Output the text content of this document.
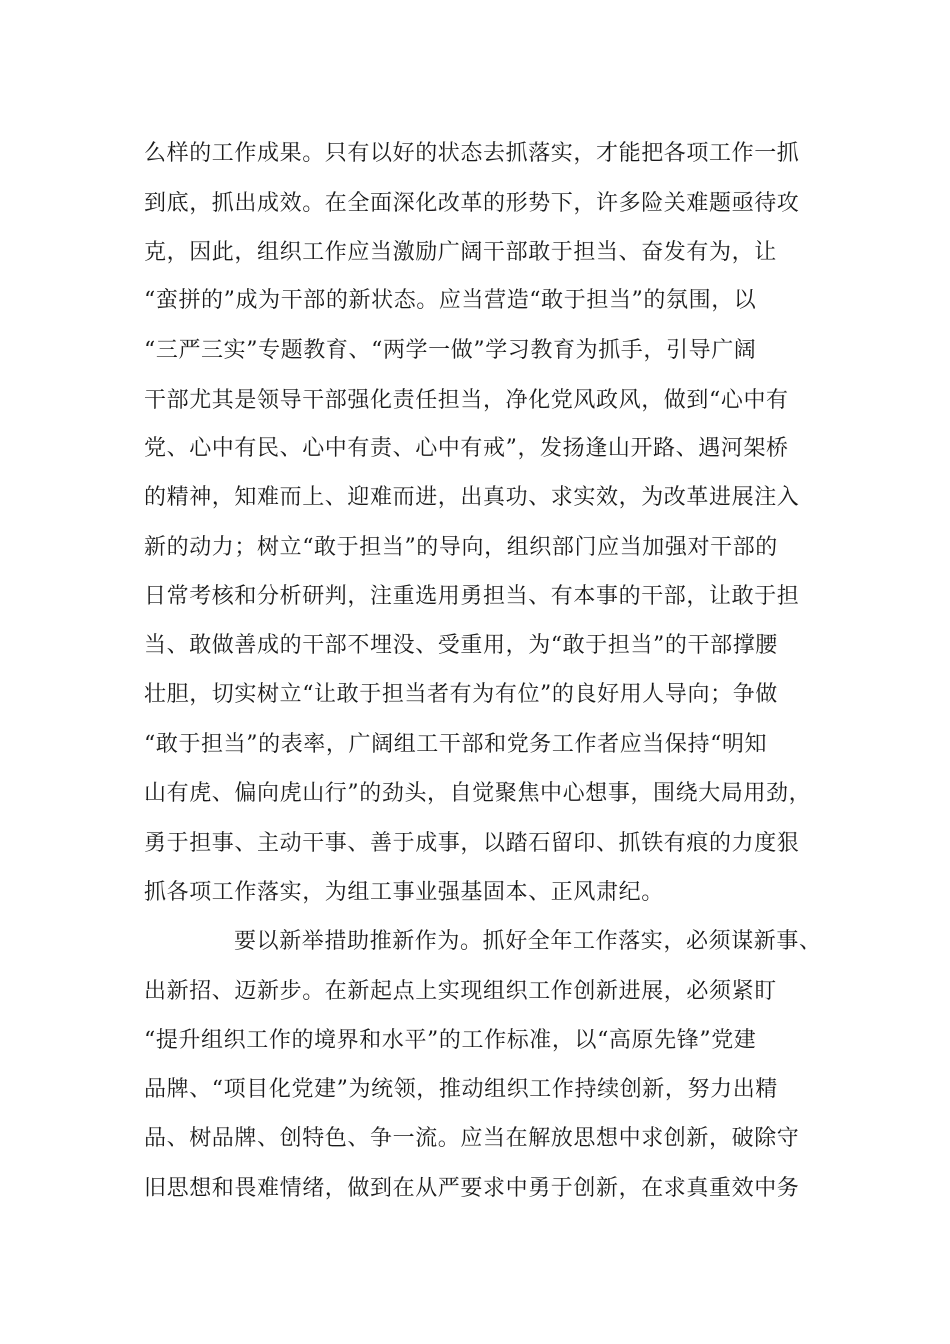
么样的工作成果。只有以好的状态去抓落实，才能把各项工作一抓
到底，抓出成效。在全面深化改革的形势下，许多险关难题亟待攻
克，因此，组织工作应当激励广阔干部敢于担当、奋发有为，让
“蛮拼的”成为干部的新状态。应当营造“敢于担当”的氛围，以
“三严三实”专题教育、“两学一做”学习教育为抓手，引导广阔
干部尤其是领导干部强化责任担当，净化党风政风，做到“心中有
党、心中有民、心中有责、心中有戒”，发扬逢山开路、遇河架桥
的精神，知难而上、迎难而进，出真功、求实效，为改革进展注入
新的动力；树立“敢于担当”的导向，组织部门应当加强对干部的
日常考核和分析研判，注重选用勇担当、有本事的干部，让敢于担
当、敢做善成的干部不埋没、受重用，为“敢于担当”的干部撑腰
壮胆，切实树立“让敢于担当者有为有位”的良好用人导向；争做
“敢于担当”的表率，广阔组工干部和党务工作者应当保持“明知
山有虎、偏向虎山行”的劲头，自觉聚焦中心想事，围绕大局用劲，
勇于担事、主动干事、善于成事，以踏石留印、抓铁有痕的力度狠
抓各项工作落实，为组工事业强基固本、正风肃纪。
要以新举措助推新作为。抓好全年工作落实，必须谋新事、
出新招、迈新步。在新起点上实现组织工作创新进展，必须紧盯
“提升组织工作的境界和水平”的工作标准，以“高原先锋”党建
品牌、“项目化党建”为统领，推动组织工作持续创新，努力出精
品、树品牌、创特色、争一流。应当在解放思想中求创新，破除守
旧思想和畏难情绪，做到在从严要求中勇于创新，在求真重效中务
